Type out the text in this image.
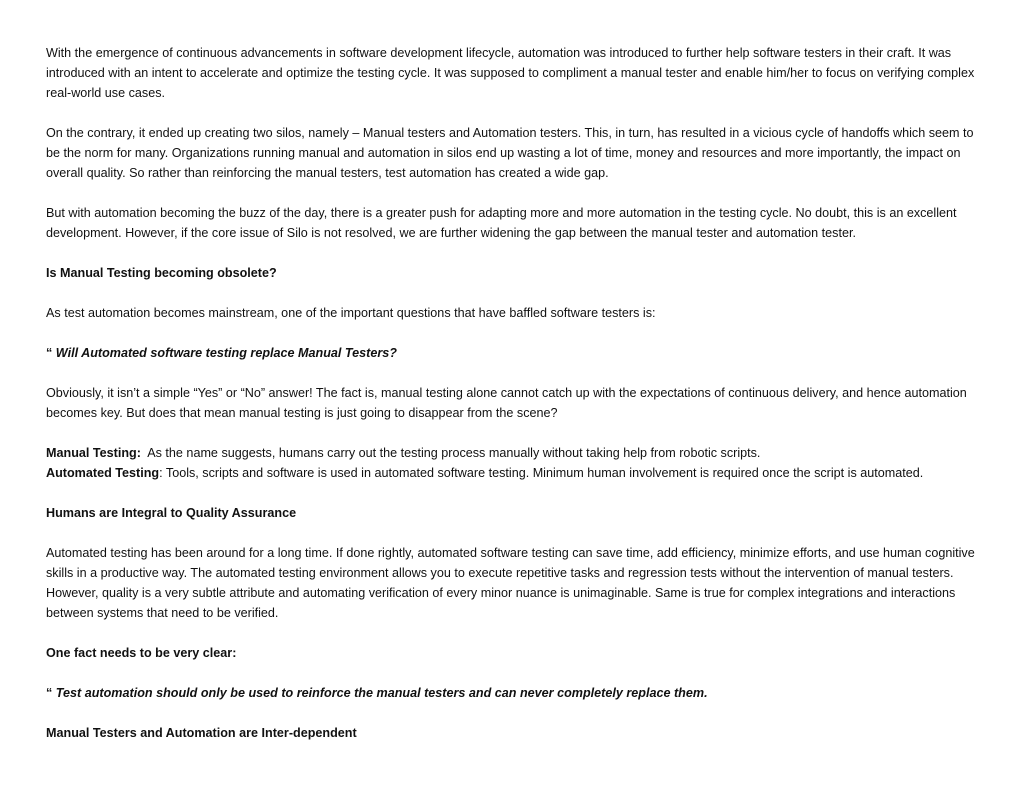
With the emergence of continuous advancements in software development lifecycle, automation was introduced to further help software testers in their craft. It was introduced with an intent to accelerate and optimize the testing cycle. It was supposed to compliment a manual tester and enable him/her to focus on verifying complex real-world use cases.

On the contrary, it ended up creating two silos, namely – Manual testers and Automation testers. This, in turn, has resulted in a vicious cycle of handoffs which seem to be the norm for many. Organizations running manual and automation in silos end up wasting a lot of time, money and resources and more importantly, the impact on overall quality. So rather than reinforcing the manual testers, test automation has created a wide gap.

But with automation becoming the buzz of the day, there is a greater push for adapting more and more automation in the testing cycle. No doubt, this is an excellent development. However, if the core issue of Silo is not resolved, we are further widening the gap between the manual tester and automation tester.

Is Manual Testing becoming obsolete?

As test automation becomes mainstream, one of the important questions that have baffled software testers is:

“ Will Automated software testing replace Manual Testers?

Obviously, it isn’t a simple “Yes” or “No” answer! The fact is, manual testing alone cannot catch up with the expectations of continuous delivery, and hence automation becomes key. But does that mean manual testing is just going to disappear from the scene?

Manual Testing: As the name suggests, humans carry out the testing process manually without taking help from robotic scripts.
Automated Testing: Tools, scripts and software is used in automated software testing. Minimum human involvement is required once the script is automated.

Humans are Integral to Quality Assurance

Automated testing has been around for a long time. If done rightly, automated software testing can save time, add efficiency, minimize efforts, and use human cognitive skills in a productive way. The automated testing environment allows you to execute repetitive tasks and regression tests without the intervention of manual testers. However, quality is a very subtle attribute and automating verification of every minor nuance is unimaginable. Same is true for complex integrations and interactions between systems that need to be verified.

One fact needs to be very clear:

“ Test automation should only be used to reinforce the manual testers and can never completely replace them.

Manual Testers and Automation are Inter-dependent
